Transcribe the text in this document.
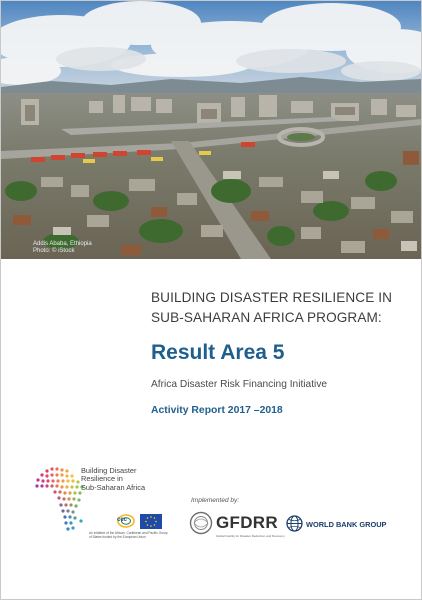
Addis Ababa, Ethiopia
Photo: © iStock
BUILDING DISASTER RESILIENCE IN
SUB-SAHARAN AFRICA PROGRAM:
Result Area 5
Africa Disaster Risk Financing Initiative
Activity Report 2017 –2018
Building Disaster
Resilience in
Sub-Saharan Africa
ccc
An initiative of the African, Caribbean and Pacific Group of States funded by the European Union
Implemented by:
GFDRR
Global Facility for Disaster Reduction and Recovery
WORLD BANK GROUP
